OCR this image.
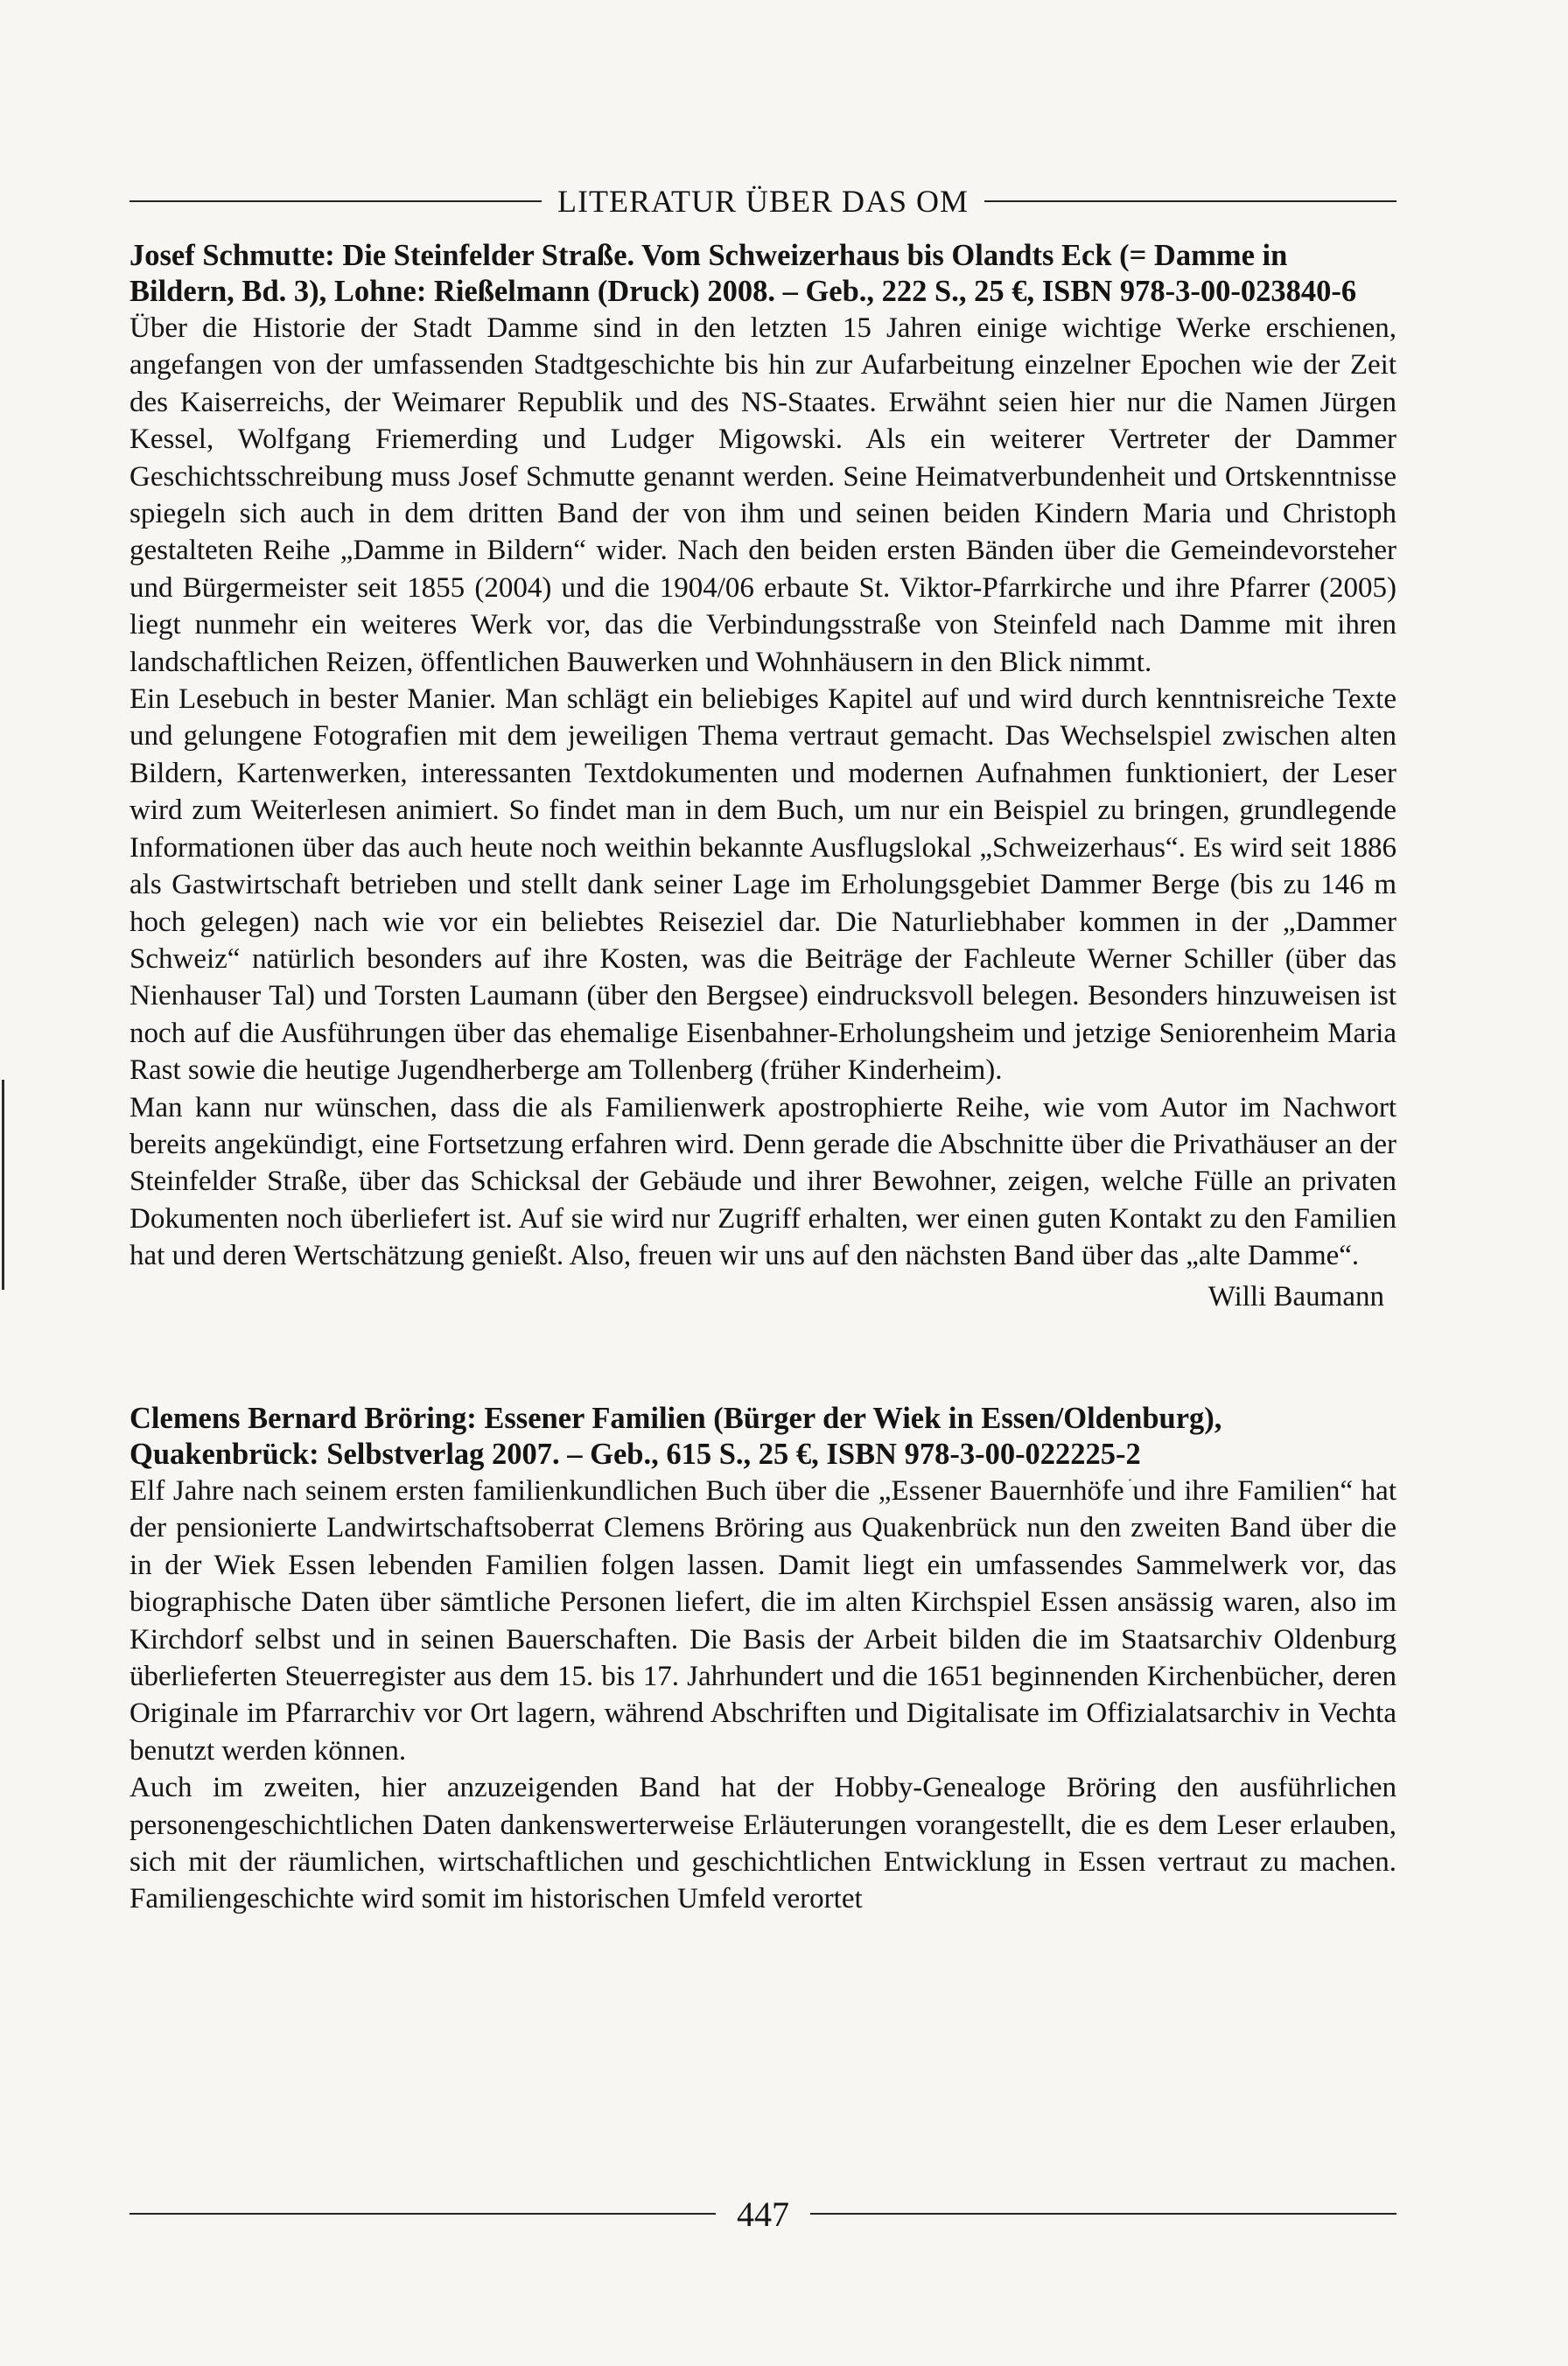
LITERATUR ÜBER DAS OM

Josef Schmutte: Die Steinfelder Straße. Vom Schweizerhaus bis Olandts Eck (= Damme in Bildern, Bd. 3), Lohne: Rießelmann (Druck) 2008. – Geb., 222 S., 25 €, ISBN 978-3-00-023840-6

Über die Historie der Stadt Damme sind in den letzten 15 Jahren einige wichtige Werke erschienen, angefangen von der umfassenden Stadtgeschichte bis hin zur Aufarbeitung einzelner Epochen wie der Zeit des Kaiserreichs, der Weimarer Republik und des NS-Staates. Erwähnt seien hier nur die Namen Jürgen Kessel, Wolfgang Friemerding und Ludger Migowski. Als ein weiterer Vertreter der Dammer Geschichtsschreibung muss Josef Schmutte genannt werden. Seine Heimatverbundenheit und Ortskenntnisse spiegeln sich auch in dem dritten Band der von ihm und seinen beiden Kindern Maria und Christoph gestalteten Reihe „Damme in Bildern“ wider. Nach den beiden ersten Bänden über die Gemeindevorsteher und Bürgermeister seit 1855 (2004) und die 1904/06 erbaute St. Viktor-Pfarrkirche und ihre Pfarrer (2005) liegt nunmehr ein weiteres Werk vor, das die Verbindungsstraße von Steinfeld nach Damme mit ihren landschaftlichen Reizen, öffentlichen Bauwerken und Wohnhäusern in den Blick nimmt.

Ein Lesebuch in bester Manier. Man schlägt ein beliebiges Kapitel auf und wird durch kenntnisreiche Texte und gelungene Fotografien mit dem jeweiligen Thema vertraut gemacht. Das Wechselspiel zwischen alten Bildern, Kartenwerken, interessanten Textdokumenten und modernen Aufnahmen funktioniert, der Leser wird zum Weiterlesen animiert. So findet man in dem Buch, um nur ein Beispiel zu bringen, grundlegende Informationen über das auch heute noch weithin bekannte Ausflugslokal „Schweizerhaus“. Es wird seit 1886 als Gastwirtschaft betrieben und stellt dank seiner Lage im Erholungsgebiet Dammer Berge (bis zu 146 m hoch gelegen) nach wie vor ein beliebtes Reiseziel dar. Die Naturliebhaber kommen in der „Dammer Schweiz“ natürlich besonders auf ihre Kosten, was die Beiträge der Fachleute Werner Schiller (über das Nienhauser Tal) und Torsten Laumann (über den Bergsee) eindrucksvoll belegen. Besonders hinzuweisen ist noch auf die Ausführungen über das ehemalige Eisenbahner-Erholungsheim und jetzige Seniorenheim Maria Rast sowie die heutige Jugendherberge am Tollenberg (früher Kinderheim).

Man kann nur wünschen, dass die als Familienwerk apostrophierte Reihe, wie vom Autor im Nachwort bereits angekündigt, eine Fortsetzung erfahren wird. Denn gerade die Abschnitte über die Privathäuser an der Steinfelder Straße, über das Schicksal der Gebäude und ihrer Bewohner, zeigen, welche Fülle an privaten Dokumenten noch überliefert ist. Auf sie wird nur Zugriff erhalten, wer einen guten Kontakt zu den Familien hat und deren Wertschätzung genießt. Also, freuen wir uns auf den nächsten Band über das „alte Damme“.

Willi Baumann

Clemens Bernard Bröring: Essener Familien (Bürger der Wiek in Essen/Oldenburg), Quakenbrück: Selbstverlag 2007. – Geb., 615 S., 25 €, ISBN 978-3-00-022225-2

Elf Jahre nach seinem ersten familienkundlichen Buch über die „Essener Bauernhöfe und ihre Familien“ hat der pensionierte Landwirtschaftsoberrat Clemens Bröring aus Quakenbrück nun den zweiten Band über die in der Wiek Essen lebenden Familien folgen lassen. Damit liegt ein umfassendes Sammelwerk vor, das biographische Daten über sämtliche Personen liefert, die im alten Kirchspiel Essen ansässig waren, also im Kirchdorf selbst und in seinen Bauerschaften. Die Basis der Arbeit bilden die im Staatsarchiv Oldenburg überlieferten Steuerregister aus dem 15. bis 17. Jahrhundert und die 1651 beginnenden Kirchenbücher, deren Originale im Pfarrarchiv vor Ort lagern, während Abschriften und Digitalisate im Offizialatsarchiv in Vechta benutzt werden können.

Auch im zweiten, hier anzuzeigenden Band hat der Hobby-Genealoge Bröring den ausführlichen personengeschichtlichen Daten dankenswerterweise Erläuterungen vorangestellt, die es dem Leser erlauben, sich mit der räumlichen, wirtschaftlichen und geschichtlichen Entwicklung in Essen vertraut zu machen. Familiengeschichte wird somit im historischen Umfeld verortet

447
